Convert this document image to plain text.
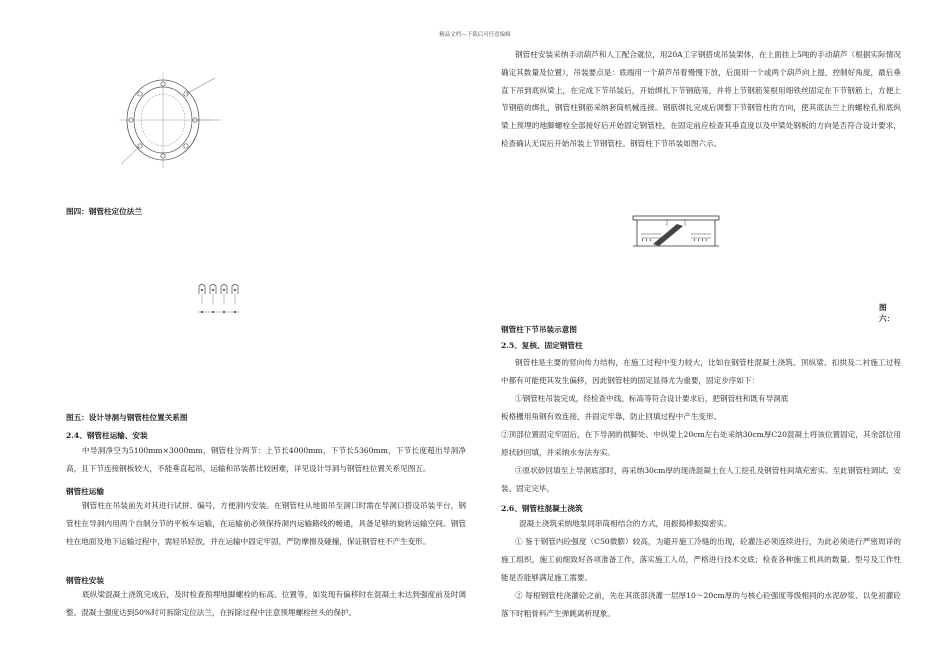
精品文档---下载后可任意编辑

图四：钢管柱定位法兰

图五：设计导洞与钢管柱位置关系图

2.4、钢管柱运输、安装

中导洞净空为5100mm×3000mm，钢管柱分两节：上节长4000mm，下节长5360mm，下节长度超出导洞净高，且下节连接钢板较大，不能垂直起吊，运输和吊装都比较困难，详见设计导洞与钢管柱位置关系见图五。

钢管柱运输

钢管柱在吊装前先对其进行试拼、编号，方便洞内安装。在钢管柱从地面吊至洞口时需在导洞口搭设吊装平台，钢管柱在导洞内用两个自制分节的平板车运输，在运输前必须保持洞内运输路线的畅通，具备足够的旋转运输空间。钢管柱在地面及地下运输过程中，需轻吊轻放，并在运输中固定牢固，严防摩擦及碰撞，保证钢管柱不产生变形。

钢管柱安装

底纵梁混凝土浇筑完成后，及时检查预埋地脚螺栓的标高、位置等，如发现有偏移时在混凝土未达到强度前及时调整。混凝土强度达到50%时可拆除定位法兰，在拆除过程中注意预埋螺栓丝头的保护。

钢管柱安装采纳手动葫芦和人工配合就位，用20A工字钢搭成吊装架体，在上面挂上5吨的手动葫芦（根据实际情况确定其数量及位置），吊装要点是：底端用一个葫芦吊着慢慢下放，后面用一个或两个葫芦向上提，控制好角度，最后垂直下吊到底纵梁上，在完成下节吊装后，开始绑扎下节钢筋笼，并将上节钢筋笼根用细铁丝固定在下节钢筋上，方便上节钢筋的绑扎，钢管柱钢筋采纳套筒机械连接。钢筋绑扎完成后调整下节钢管柱的方向，使其底法兰上的螺栓孔和底纵梁上预埋的地脚螺栓全部接好后开始固定钢管柱，在固定前应检查其垂直度以及中梁处钢板的方向是否符合设计要求，检查确认无误后开始吊装上节钢管柱。钢管柱下节吊装如图六示。

图六：

钢管柱下节吊装示意图

2.5、复核、固定钢管柱

钢管柱是主要的竖向传力结构，在施工过程中变力较大，比如在钢管柱混凝土浇筑、顶纵梁、扣拱及二衬施工过程中都有可能使其发生偏移，因此钢管柱的固定显得尤为重要，固定步序如下：

①钢管柱吊装完成，经检查中线、标高等符合设计要求后，把钢管柱和既有导洞底

板格栅用角钢有效连接，并固定牢靠，防止回填过程中产生变形。

②顶部位置固定牢固后，在下导洞的拱脚处、中纵梁上20cm左右处采纳30cm厚C20混凝土将该位置固定，其余部位用原状砂回填，并采纳水夯法夯实。

③原状砂回填至上导洞底部时，再采纳30cm厚的现浇混凝土在人工挖孔及钢管柱间填充密实。至此钢管柱调试、安装、固定完毕。

2.6、钢管柱混凝土浇筑

混凝土浇筑采纳地泵同串筒相结合的方式，用振捣棒振捣密实。

① 鉴于钢管内砼强度（C50微膨）较高，为避开施工冷缝的出现，砼灌注必须连续进行，为此必须进行严密周详的施工组织，施工前细致好各项准备工作，落实施工人员，严格进行技术交底；检查各种施工机具的数量、型号及工作性能是否能够满足施工需要。

② 每根钢管柱浇灌砼之前，先在其底部浇灌一层厚10～20cm厚的与核心砼强度等级相同的水泥砂浆、以免初灌砼落下时粗骨料产生弹跳离析现象。
